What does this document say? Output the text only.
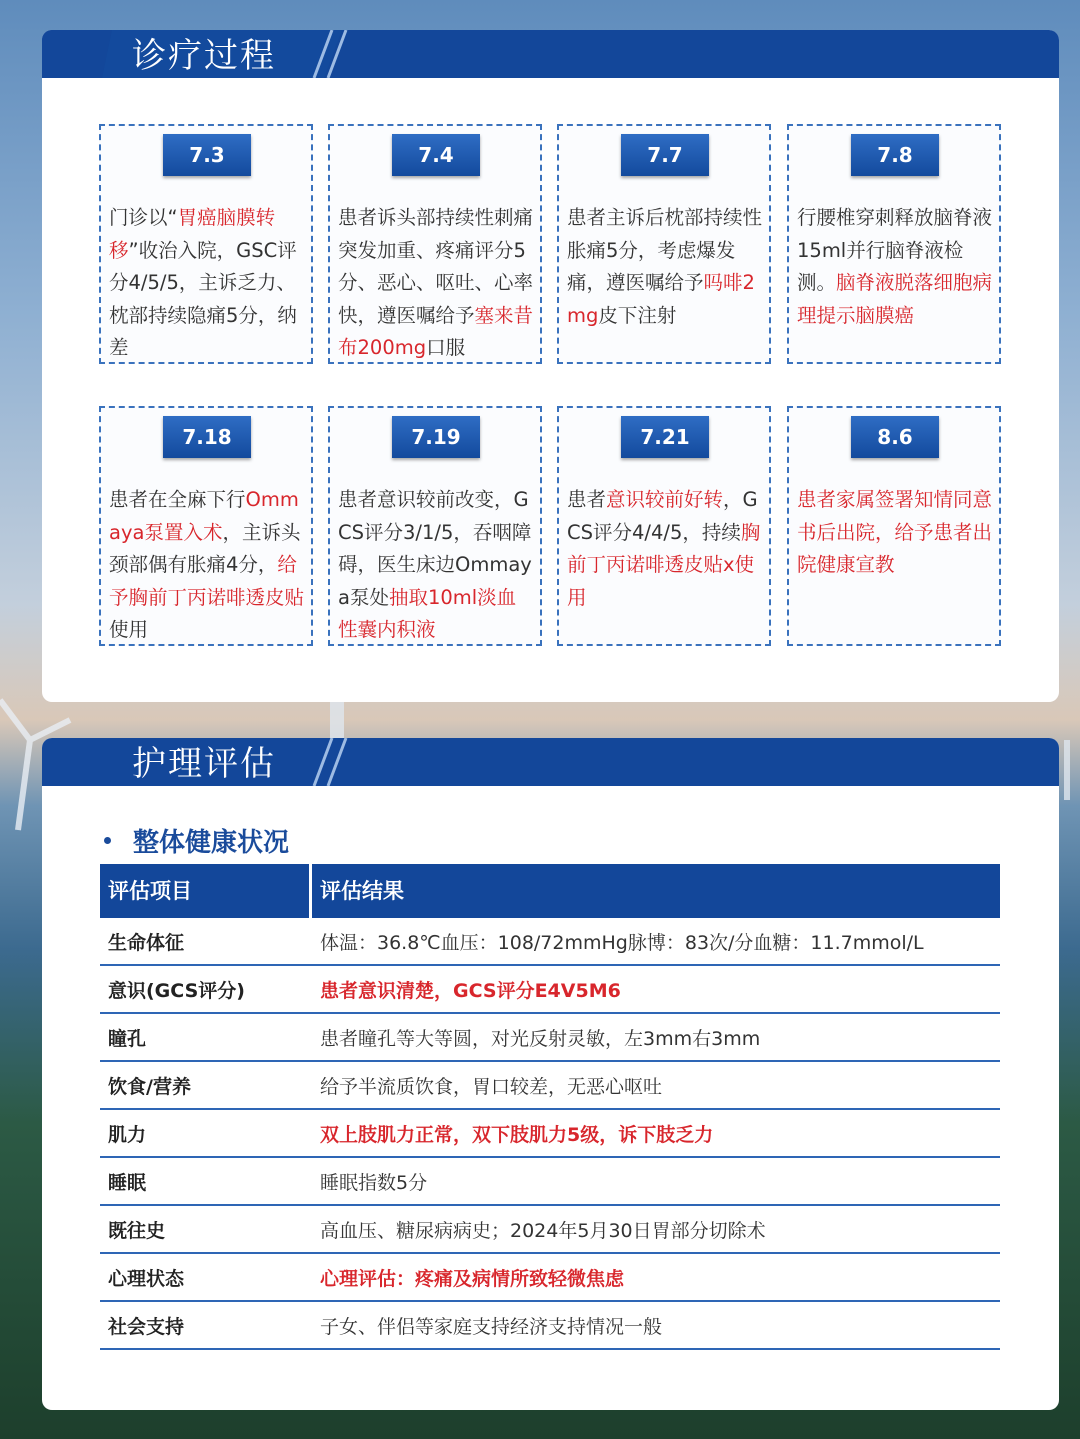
诊疗过程
7.3
门诊以“胃癌脑膜转移”收治入院，GSC评分4/5/5，主诉乏力、枕部持续隐痛5分，纳差
7.4
患者诉头部持续性刺痛突发加重、疼痛评分5分、恶心、呕吐、心率快，遵医嘱给予塞来昔布200mg口服
7.7
患者主诉后枕部持续性胀痛5分，考虑爆发痛，遵医嘱给予吗啡2mg皮下注射
7.8
行腰椎穿刺释放脑脊液15ml并行脑脊液检测。脑脊液脱落细胞病理提示脑膜癌
7.18
患者在全麻下行Ommaya泵置入术，主诉头颈部偶有胀痛4分，给予胸前丁丙诺啡透皮贴使用
7.19
患者意识较前改变，GCS评分3/1/5，吞咽障碍，医生床边Ommaya泵处抽取10ml淡血性囊内积液
7.21
患者意识较前好转，GCS评分4/4/5，持续胸前丁丙诺啡透皮贴x使用
8.6
患者家属签署知情同意书后出院，给予患者出院健康宣教
护理评估
整体健康状况
评估项目	评估结果
生命体征	体温：36.8℃血压：108/72mmHg脉博：83次/分血糖：11.7mmol/L
意识(GCS评分)	患者意识清楚，GCS评分E4V5M6
瞳孔	患者瞳孔等大等圆，对光反射灵敏，左3mm右3mm
饮食/营养	给予半流质饮食，胃口较差，无恶心呕吐
肌力	双上肢肌力正常，双下肢肌力5级，诉下肢乏力
睡眠	睡眠指数5分
既往史	高血压、糖尿病病史；2024年5月30日胃部分切除术
心理状态	心理评估：疼痛及病情所致轻微焦虑
社会支持	子女、伴侣等家庭支持经济支持情况一般
